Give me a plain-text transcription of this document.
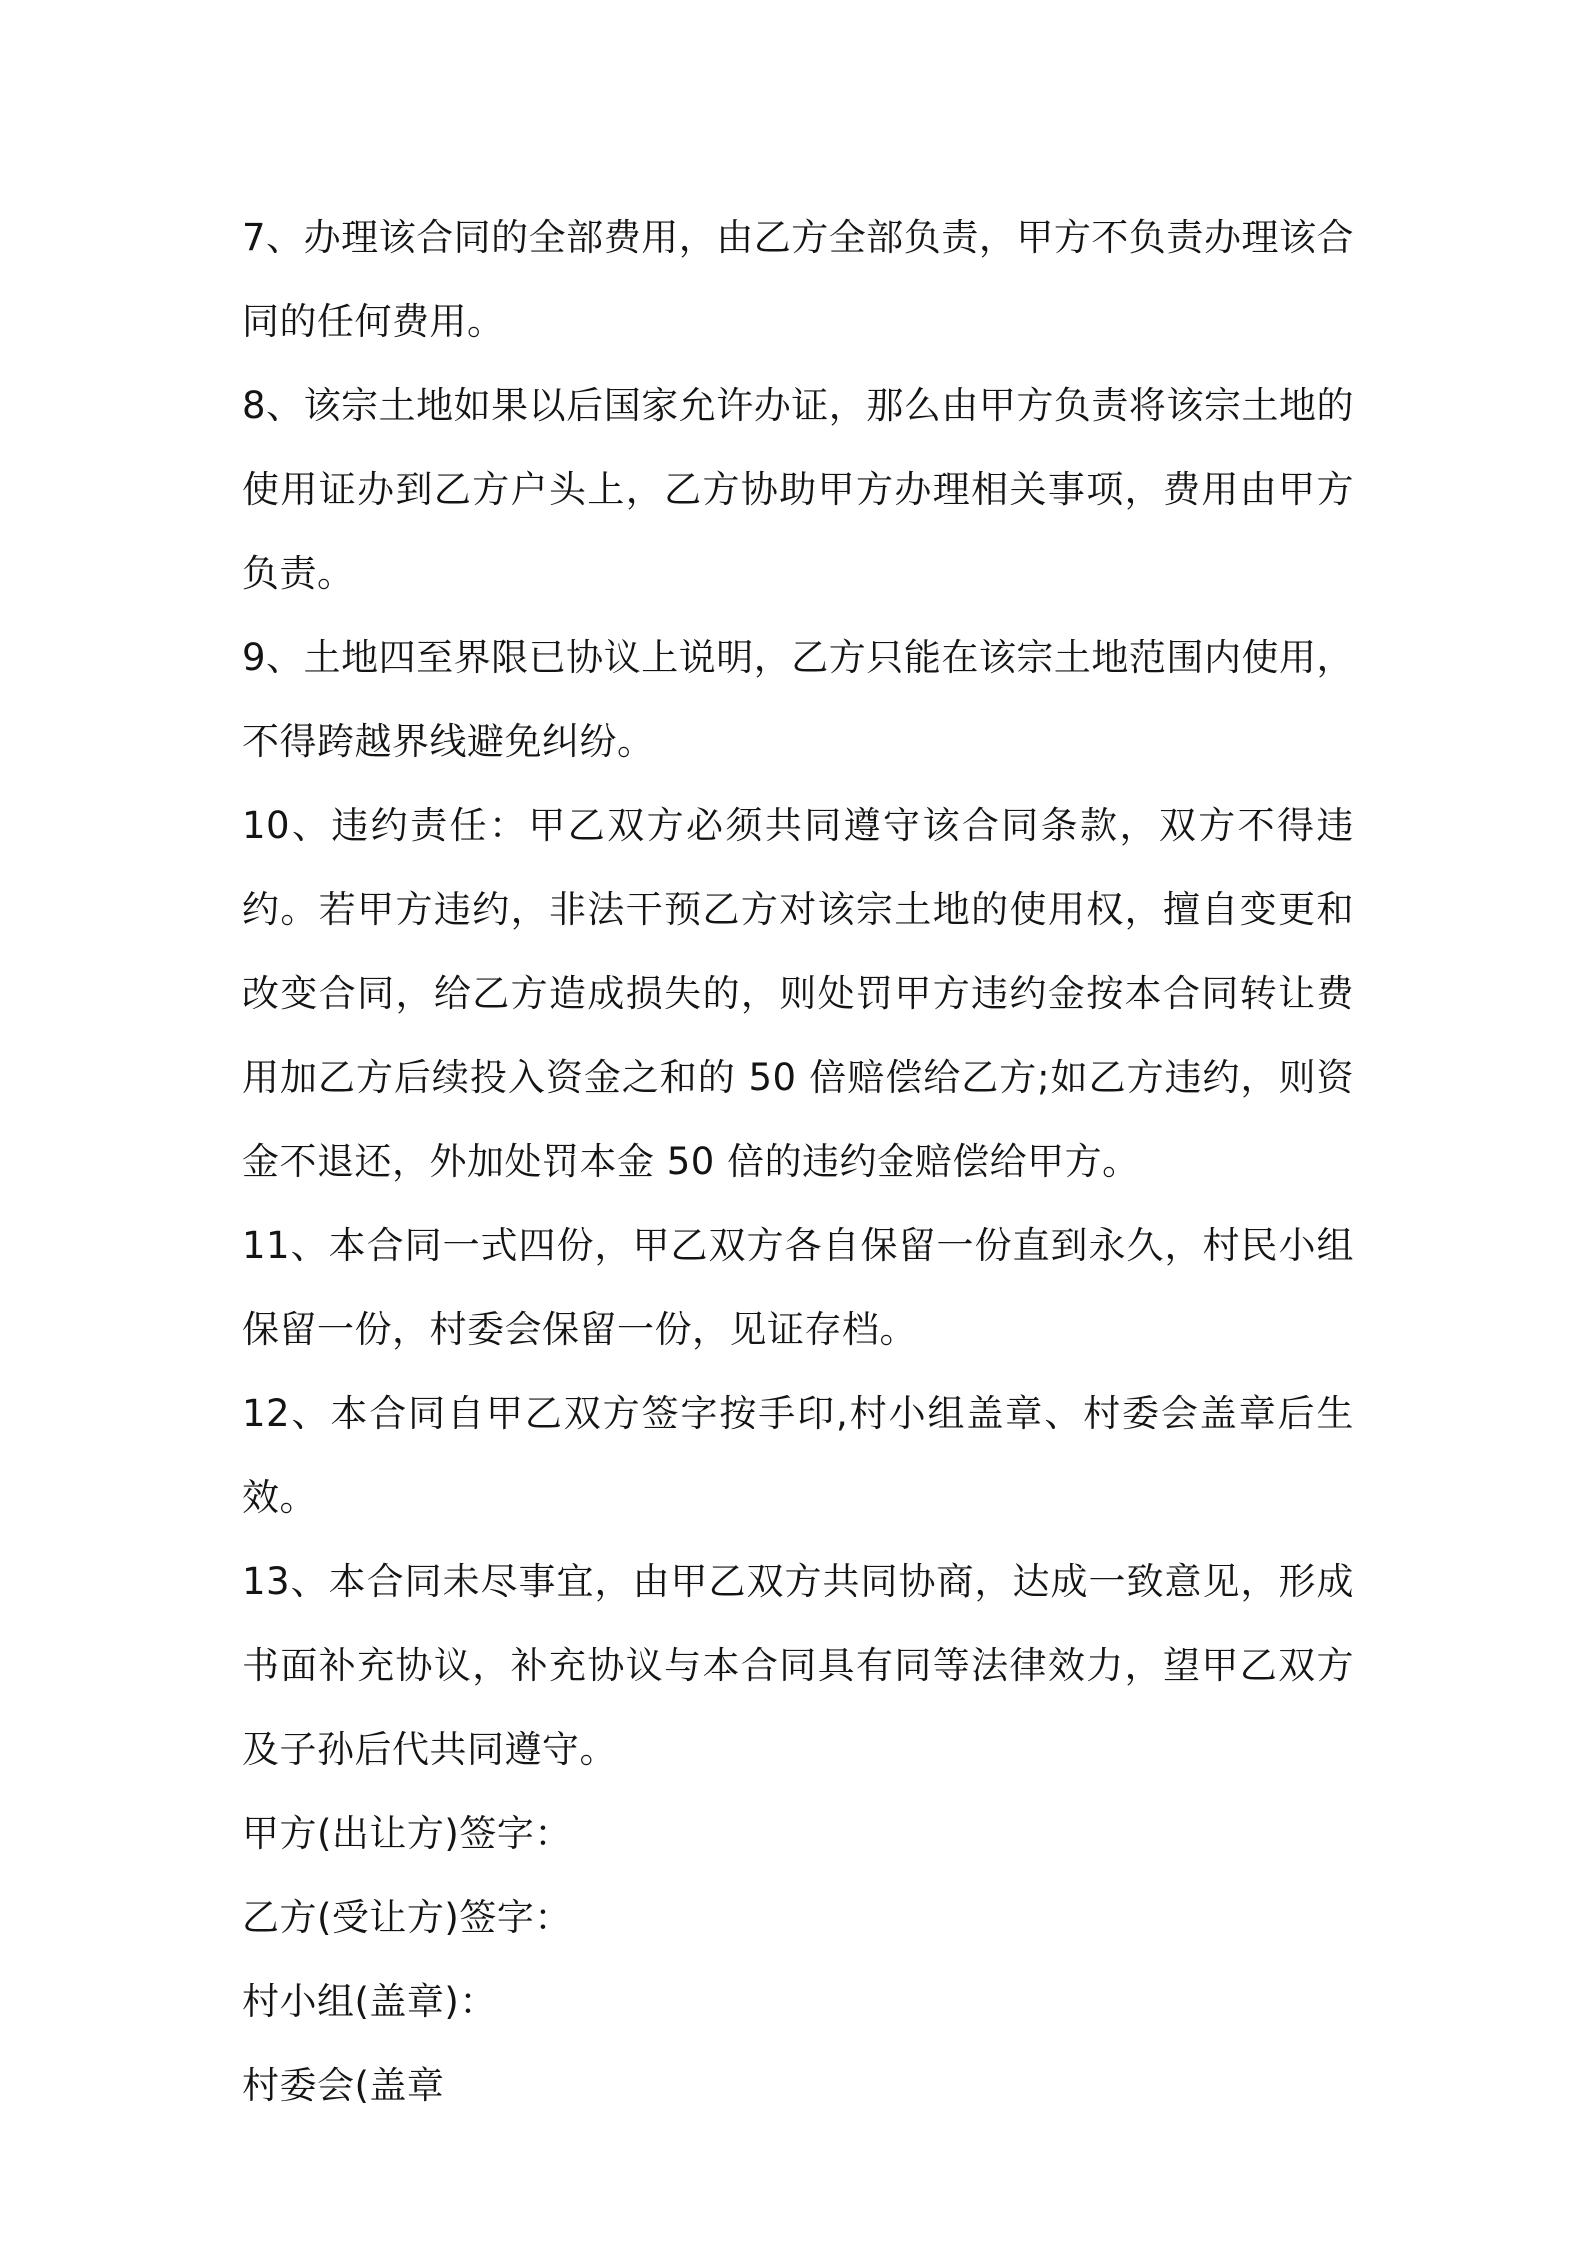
7、办理该合同的全部费用，由乙方全部负责，甲方不负责办理该合同的任何费用。

8、该宗土地如果以后国家允许办证，那么由甲方负责将该宗土地的使用证办到乙方户头上，乙方协助甲方办理相关事项，费用由甲方负责。

9、土地四至界限已协议上说明，乙方只能在该宗土地范围内使用，不得跨越界线避免纠纷。

10、违约责任：甲乙双方必须共同遵守该合同条款，双方不得违约。若甲方违约，非法干预乙方对该宗土地的使用权，擅自变更和改变合同，给乙方造成损失的，则处罚甲方违约金按本合同转让费用加乙方后续投入资金之和的 50 倍赔偿给乙方;如乙方违约，则资金不退还，外加处罚本金 50 倍的违约金赔偿给甲方。

11、本合同一式四份，甲乙双方各自保留一份直到永久，村民小组保留一份，村委会保留一份，见证存档。

12、本合同自甲乙双方签字按手印,村小组盖章、村委会盖章后生效。

13、本合同未尽事宜，由甲乙双方共同协商，达成一致意见，形成书面补充协议，补充协议与本合同具有同等法律效力，望甲乙双方及子孙后代共同遵守。

甲方(出让方)签字：

乙方(受让方)签字：

村小组(盖章)：

村委会(盖章
